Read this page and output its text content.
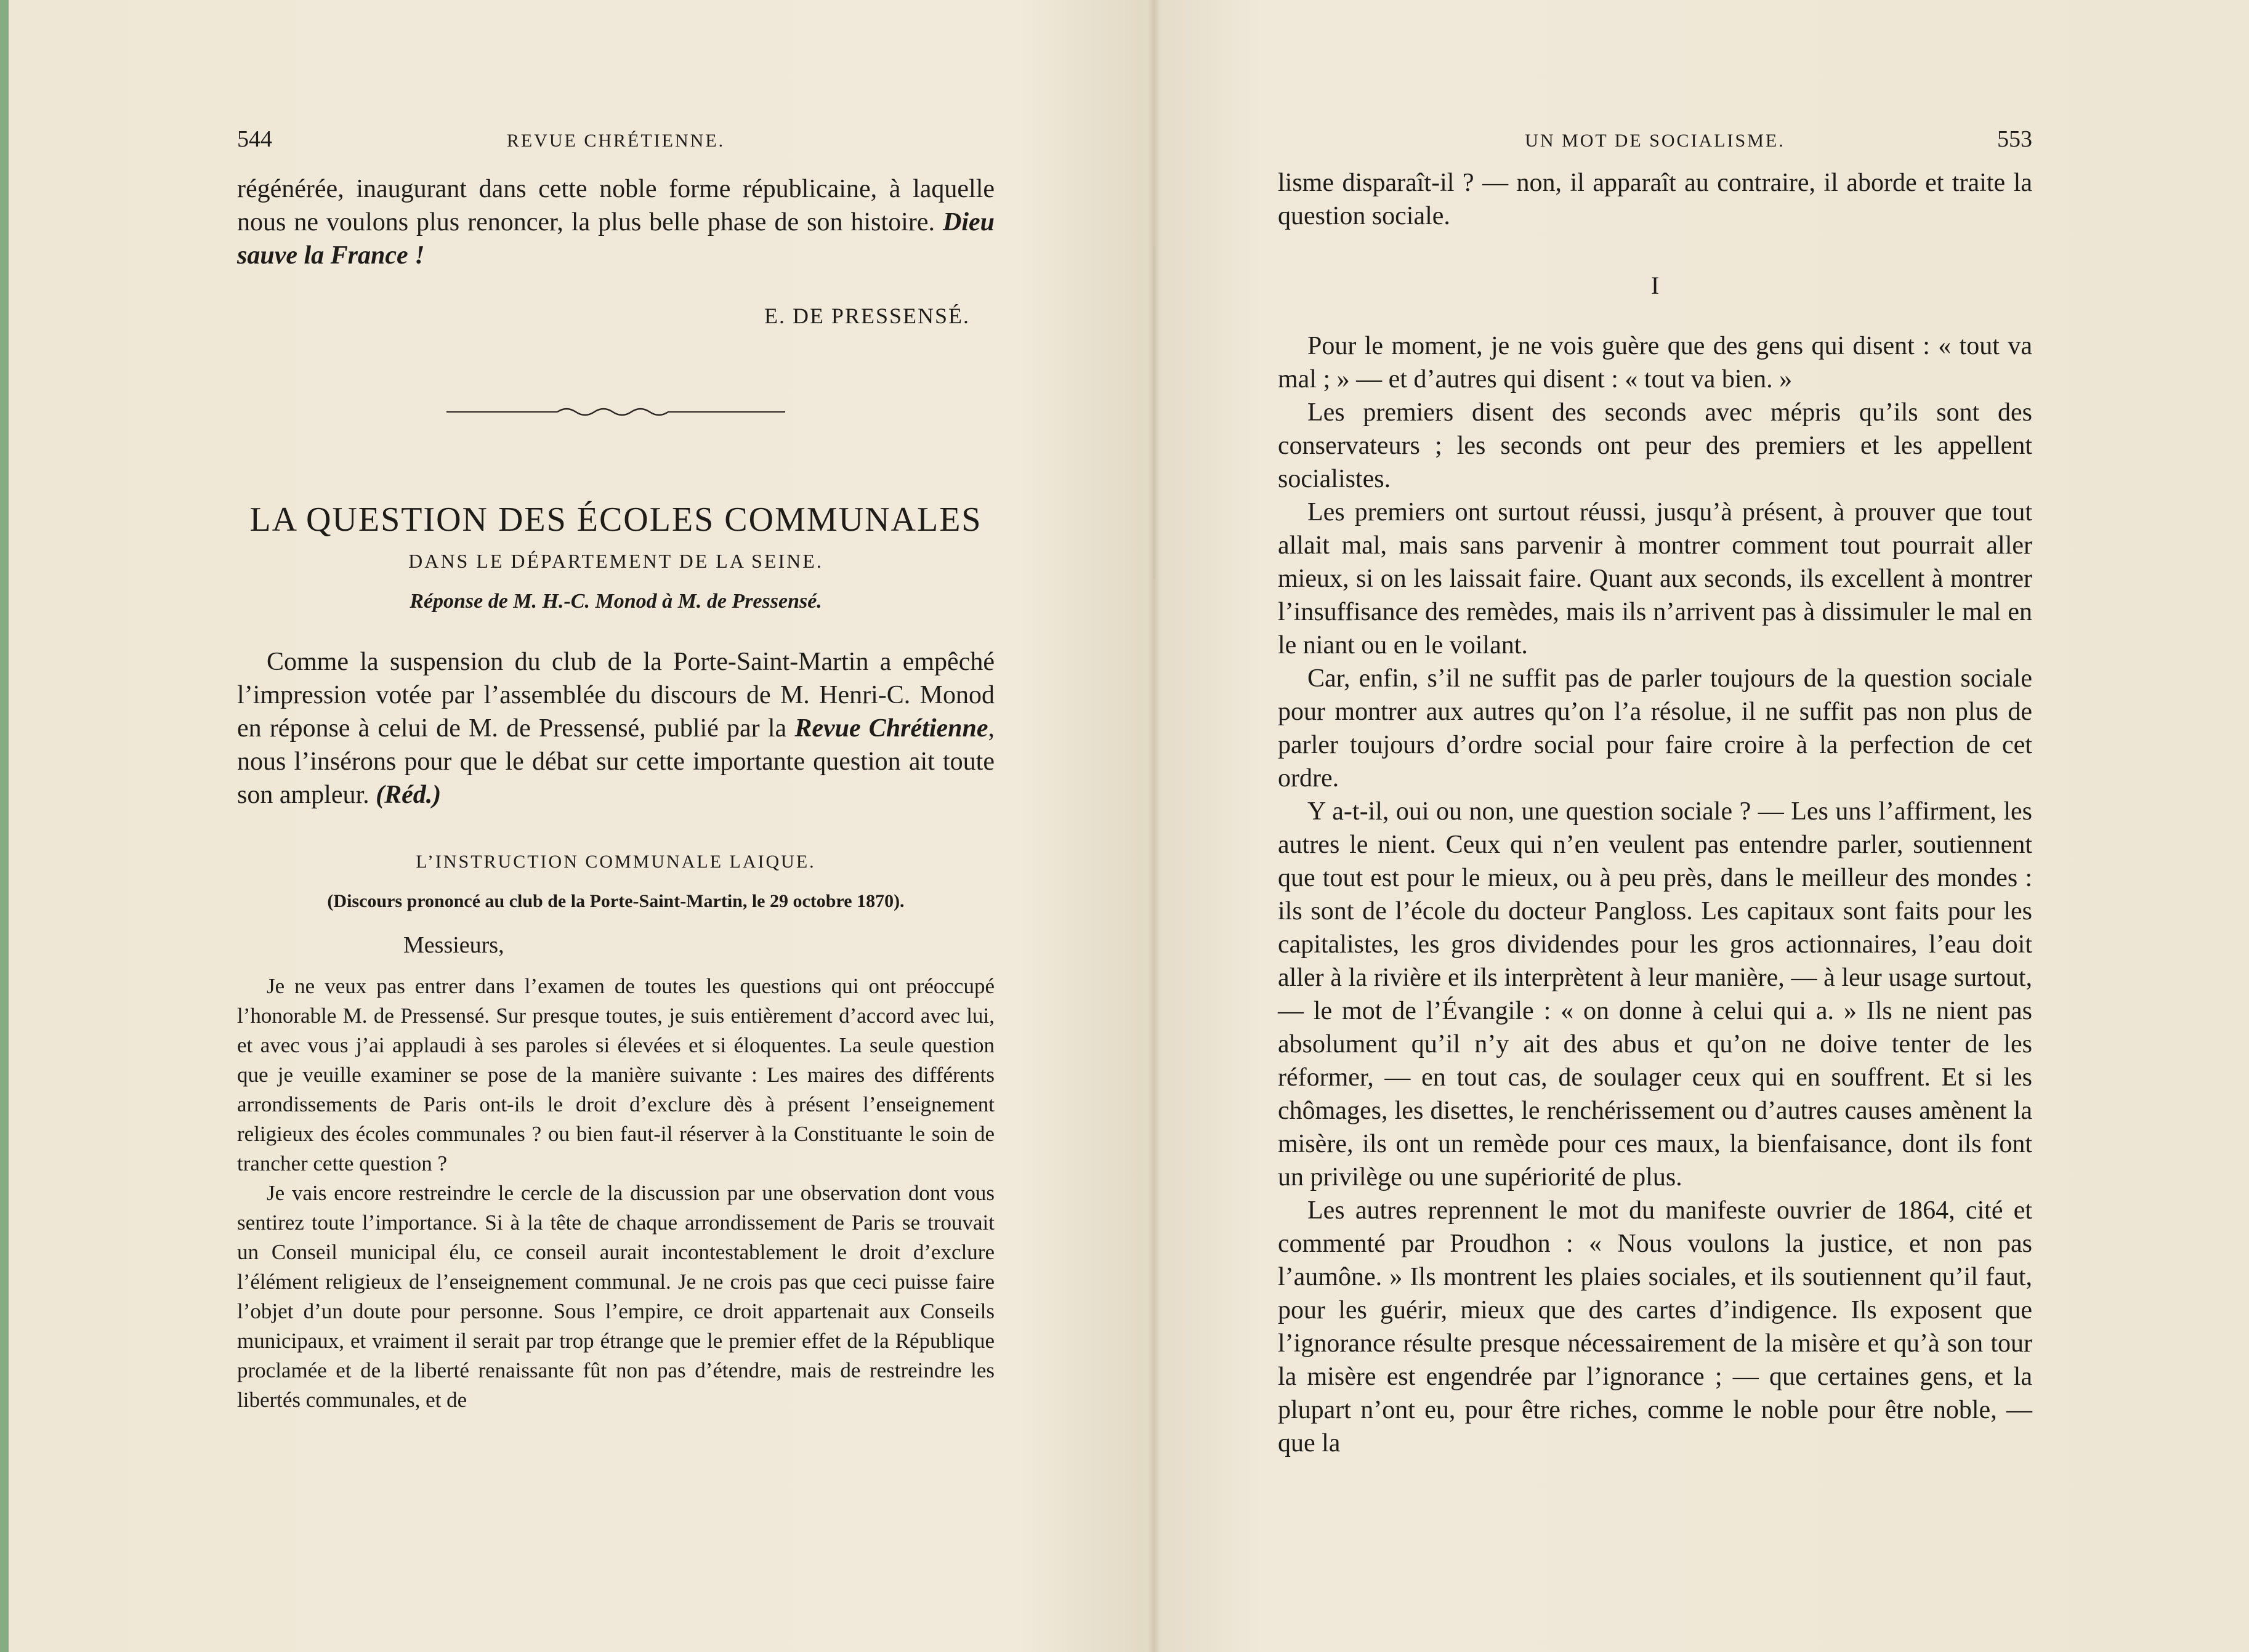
544	REVUE CHRÉTIENNE.

régénérée, inaugurant dans cette noble forme républicaine, à laquelle nous ne voulons plus renoncer, la plus belle phase de son histoire. Dieu sauve la France !

E. DE PRESSENSÉ.
LA QUESTION DES ÉCOLES COMMUNALES
DANS LE DÉPARTEMENT DE LA SEINE.
Réponse de M. H.-C. Monod à M. de Pressensé.

Comme la suspension du club de la Porte-Saint-Martin a empêché l’impression votée par l’assemblée du discours de M. Henri-C. Monod en réponse à celui de M. de Pressensé, publié par la Revue Chrétienne, nous l’insérons pour que le débat sur cette importante question ait toute son ampleur. (Réd.)

L’INSTRUCTION COMMUNALE LAIQUE.
(Discours prononcé au club de la Porte-Saint-Martin, le 29 octobre 1870).
Messieurs,

Je ne veux pas entrer dans l’examen de toutes les questions qui ont préoccupé l’honorable M. de Pressensé. Sur presque toutes, je suis entièrement d’accord avec lui, et avec vous j’ai applaudi à ses paroles si élevées et si éloquentes. La seule question que je veuille examiner se pose de la manière suivante : Les maires des différents arrondissements de Paris ont-ils le droit d’exclure dès à présent l’enseignement religieux des écoles communales ? ou bien faut-il réserver à la Constituante le soin de trancher cette question ?

Je vais encore restreindre le cercle de la discussion par une observation dont vous sentirez toute l’importance. Si à la tête de chaque arrondissement de Paris se trouvait un Conseil municipal élu, ce conseil aurait incontestablement le droit d’exclure l’élément religieux de l’enseignement communal. Je ne crois pas que ceci puisse faire l’objet d’un doute pour personne. Sous l’empire, ce droit appartenait aux Conseils municipaux, et vraiment il serait par trop étrange que le premier effet de la République proclamée et de la liberté renaissante fût non pas d’étendre, mais de restreindre les libertés communales, et de

UN MOT DE SOCIALISME.	553

lisme disparaît-il ? — non, il apparaît au contraire, il aborde et traite la question sociale.

I

Pour le moment, je ne vois guère que des gens qui disent : « tout va mal ; » — et d’autres qui disent : « tout va bien. »

Les premiers disent des seconds avec mépris qu’ils sont des conservateurs ; les seconds ont peur des premiers et les appellent socialistes.

Les premiers ont surtout réussi, jusqu’à présent, à prouver que tout allait mal, mais sans parvenir à montrer comment tout pourrait aller mieux, si on les laissait faire. Quant aux seconds, ils excellent à montrer l’insuffisance des remèdes, mais ils n’arrivent pas à dissimuler le mal en le niant ou en le voilant.

Car, enfin, s’il ne suffit pas de parler toujours de la question sociale pour montrer aux autres qu’on l’a résolue, il ne suffit pas non plus de parler toujours d’ordre social pour faire croire à la perfection de cet ordre.

Y a-t-il, oui ou non, une question sociale ? — Les uns l’affirment, les autres le nient. Ceux qui n’en veulent pas entendre parler, soutiennent que tout est pour le mieux, ou à peu près, dans le meilleur des mondes : ils sont de l’école du docteur Pangloss. Les capitaux sont faits pour les capitalistes, les gros dividendes pour les gros actionnaires, l’eau doit aller à la rivière et ils interprètent à leur manière, — à leur usage surtout, — le mot de l’Évangile : « on donne à celui qui a. » Ils ne nient pas absolument qu’il n’y ait des abus et qu’on ne doive tenter de les réformer, — en tout cas, de soulager ceux qui en souffrent. Et si les chômages, les disettes, le renchérissement ou d’autres causes amènent la misère, ils ont un remède pour ces maux, la bienfaisance, dont ils font un privilège ou une supériorité de plus.

Les autres reprennent le mot du manifeste ouvrier de 1864, cité et commenté par Proudhon : « Nous voulons la justice, et non pas l’aumône. » Ils montrent les plaies sociales, et ils soutiennent qu’il faut, pour les guérir, mieux que des cartes d’indigence. Ils exposent que l’ignorance résulte presque nécessairement de la misère et qu’à son tour la misère est engendrée par l’ignorance ; — que certaines gens, et la plupart n’ont eu, pour être riches, comme le noble pour être noble, — que la
